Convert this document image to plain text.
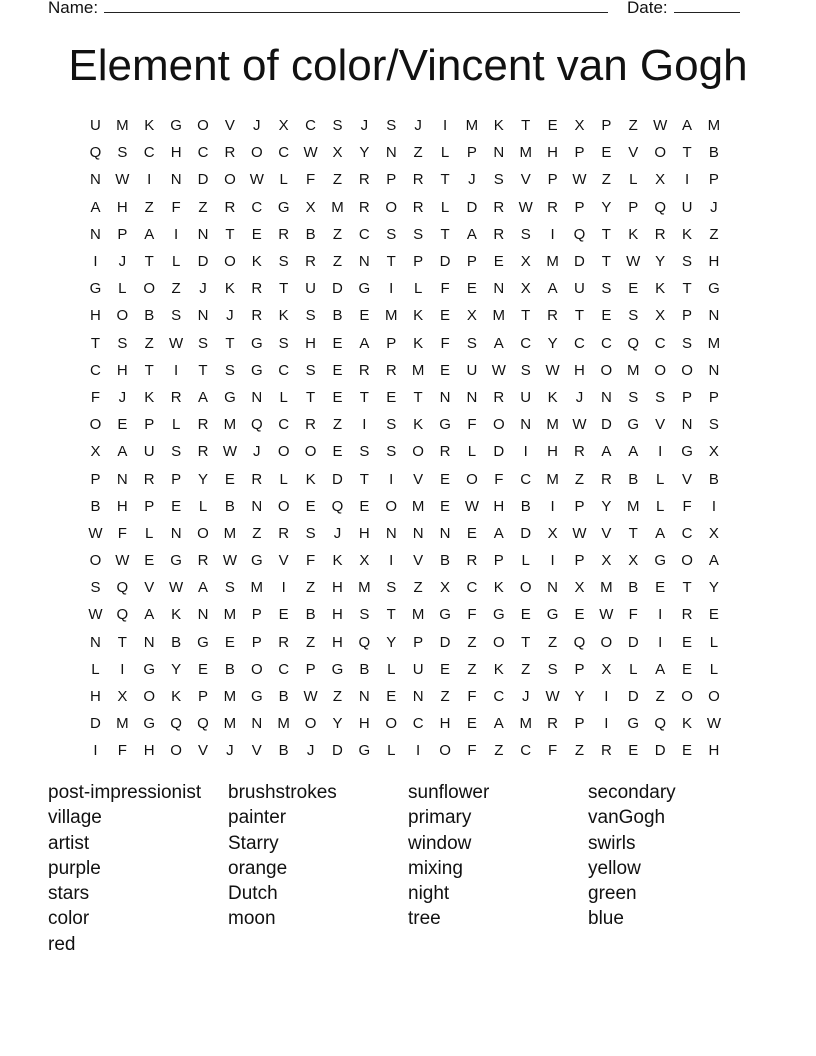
Name:	Date:
Element of color/Vincent van Gogh
U	M	K	G	O	V	J	X	C	S	J	S	J	I	M	K	T	E	X	P	Z	W A	M
Q	S	C	H	C	R	O	C W X	Y	N	Z	L	P	N	M	H	P	E	V	O	T	B
N W	I	N	D	O W	L	F	Z	R	P	R	T	J	S	V	P W	Z	L	X	I	P
A	H	Z	F	Z	R	C	G	X	M	R	O	R	L	D	R W R	P	Y	P	Q	U	J
N	P	A	I	N	T	E	R	B	Z	C	S	S	T	A	R	S	I	Q	T	K	R	K	Z
I	J	T	L	D	O	K	S	R	Z	N	T	P	D	P	E	X	M	D	T	W Y	S	H
G	L	O	Z	J	K	R	T	U	D	G	I	L	F	E	N	X	A	U	S	E	K	T	G
H	O	B	S	N	J	R	K	S	B	E	M	K	E	X	M	T	R	T	E	S	X	P	N
T	S	Z	W S	T	G	S	H	E	A	P	K	F	S	A	C	Y	C	C	Q	C	S	M
C	H	T	I	T	S	G	C	S	E	R	R	M	E	U W S W H	O M O	O	N
F	J	K	R	A	G	N	L	T	E	T	E	T	N	N	R	U	K	J	N	S	S	P	P
O	E	P	L	R	M Q	C	R	Z	I	S	K	G	F	O	N	M W D	G	V	N	S
X	A	U	S	R W	J	O	O	E	S	S	O	R	L	D	I	H	R	A	A	I	G	X
P	N	R	P	Y	E	R	L	K	D	T	I	V	E	O	F	C	M	Z	R	B	L	V	B
B	H	P	E	L	B	N	O	E	Q	E	O M	E W H	B	I	P	Y	M	L	F	I
W	F	L	N	O M	Z	R	S	J	H	N	N	N	E	A	D	X W V	T	A	C	X
O W E	G	R W G	V	F	K	X	I	V	B	R	P	L	I	P	X	X	G	O	A
S	Q	V W A	S	M	I	Z	H	M	S	Z	X	C	K	O	N	X	M	B	E	T	Y
W Q	A	K	N	M	P	E	B	H	S	T	M G	F	G	E	G	E W	F	I	R	E
N	T	N	B	G	E	P	R	Z	H	Q	Y	P	D	Z	O	T	Z	Q	O	D	I	E	L
L	I	G	Y	E	B	O	C	P	G	B	L	U	E	Z	K	Z	S	P	X	L	A	E	L
H	X	O	K	P	M G	B W	Z	N	E	N	Z	F	C	J	W Y	I	D	Z	O	O
D	M G	Q	Q M	N	M O	Y	H	O	C	H	E	A	M	R	P	I	G	Q	K W
I	F	H	O	V	J	V	B	J	D	G	L	I	O	F	Z	C	F	Z	R	E	D	E	H
post-impressionist
village
artist
purple
stars
color
red
brushstrokes
painter
Starry
orange
Dutch
moon
sunflower
primary
window
mixing
night
tree
secondary
vanGogh
swirls
yellow
green
blue
